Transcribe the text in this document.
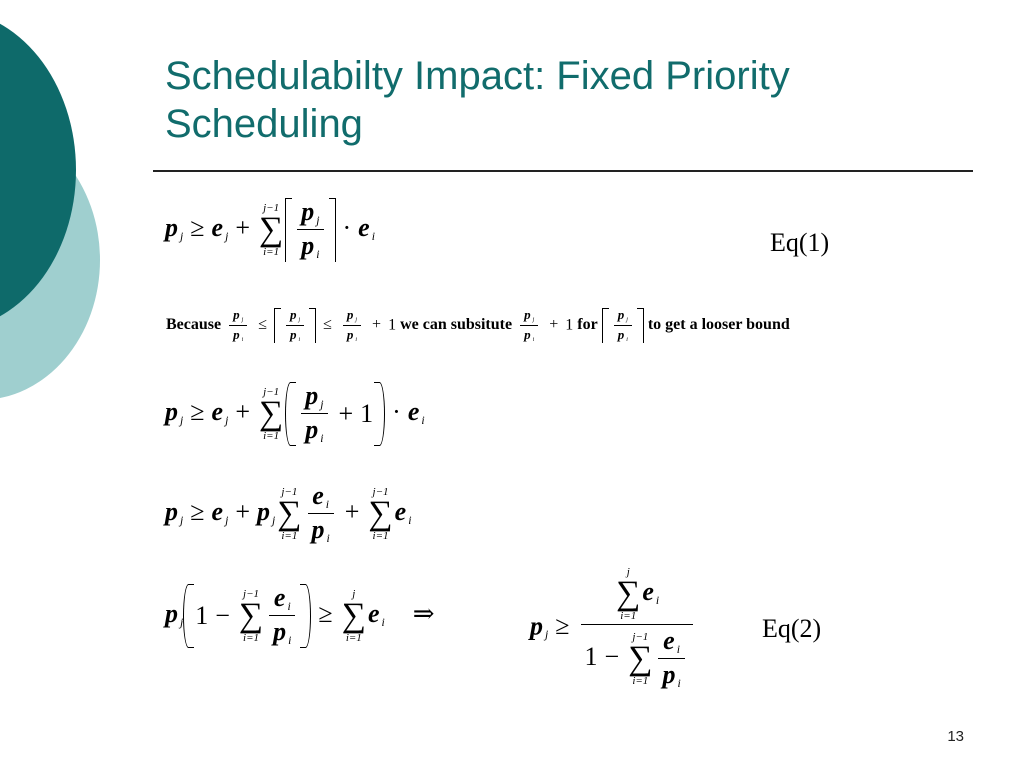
Schedulabilty Impact: Fixed Priority Scheduling
p $_j$ ≥ e $_j$ +
j−1
∑
$i=1 \frac{p _j}{p _i} \cdot e$ $_i$	Eq(1)
Because $\frac{p _j}{p _i} \le \frac{p _j}{p _i} \le \frac{p _j}{p _i} + 1$ we can subsitute $\frac{p _j}{p _i} + 1$ for $\frac{p _j}{p _i}$ to get a looser bound
p $_j$ ≥ e $_j$ +
j−1
∑
$i=1 \frac{p _j}{p _i} + 1 \cdot e$ $_i$
p $_j$ ≥ e $_j$ + p $_j$
j−1
∑
$i=1 \frac{e _i}{p _i}$ +
j−1
∑
i=1
e $_i$
p $_j$ 1 −
j−1
∑
$i=1 \frac{e _i}{p _i}$ ≥
j
∑
i=1
e $_i$ ⇒	p $_j$ ≥ j
∑
i=1
e $_i$
1 −
j−1
∑
$i=1 \frac{e _i}{p _i}$	Eq(2)
13
